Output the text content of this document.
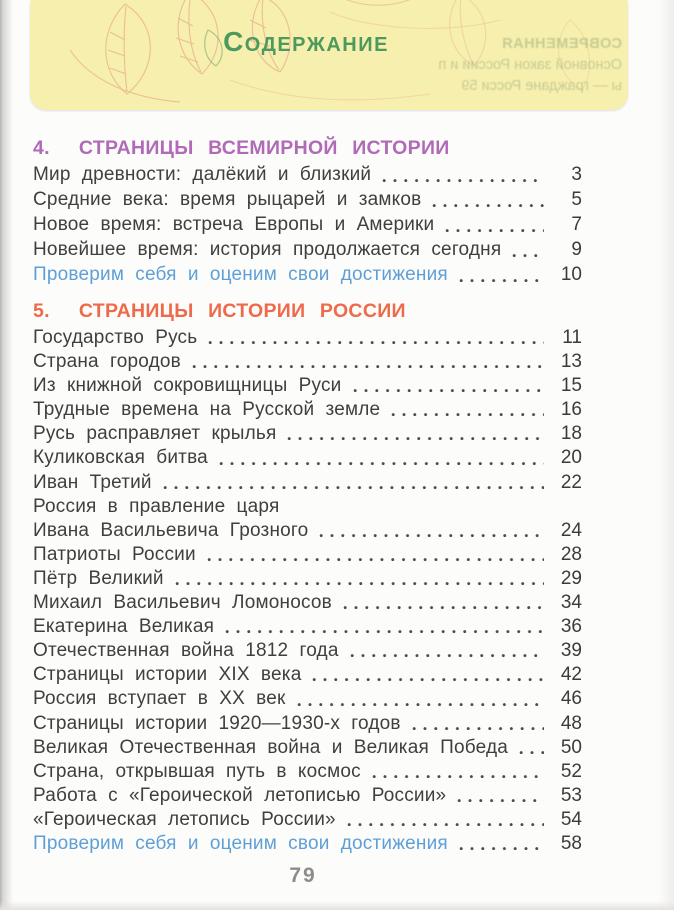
СОВРЕМЕННАЯ
Основной закон России и п
ы — граждане Росси 59
Содержание
4. СТРАНИЦЫ ВСЕМИРНОЙ ИСТОРИИ
Мир древности: далёкий и близкий	3
Средние века: время рыцарей и замков	5
Новое время: встреча Европы и Америки	7
Новейшее время: история продолжается сегодня	9
Проверим себя и оценим свои достижения	10
5. СТРАНИЦЫ ИСТОРИИ РОССИИ
Государство Русь	11
Страна городов	13
Из книжной сокровищницы Руси	15
Трудные времена на Русской земле	16
Русь расправляет крылья	18
Куликовская битва	20
Иван Третий	22
Россия в правление царя
Ивана Васильевича Грозного	24
Патриоты России	28
Пётр Великий	29
Михаил Васильевич Ломоносов	34
Екатерина Великая	36
Отечественная война 1812 года	39
Страницы истории XIX века	42
Россия вступает в XX век	46
Страницы истории 1920—1930-х годов	48
Великая Отечественная война и Великая Победа	50
Страна, открывшая путь в космос	52
Работа с «Героической летописью России»	53
«Героическая летопись России»	54
Проверим себя и оценим свои достижения	58
79
